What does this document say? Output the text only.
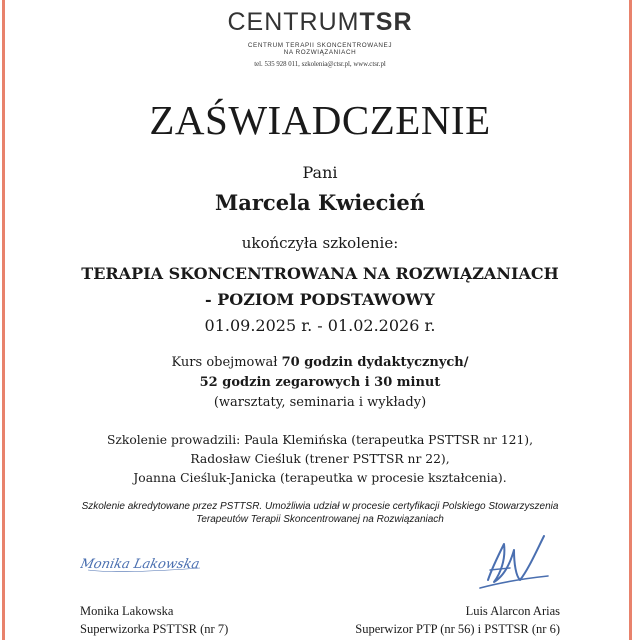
CENTRUMTSR
CENTRUM TERAPII SKONCENTROWANEJ
NA ROZWIĄZANIACH
tel. 535 928 011, szkolenia@ctsr.pl, www.ctsr.pl
ZAŚWIADCZENIE
Pani
Marcela Kwiecień
ukończyła szkolenie:
TERAPIA SKONCENTROWANA NA ROZWIĄZANIACH
- POZIOM PODSTAWOWY
01.09.2025 r. - 01.02.2026 r.
Kurs obejmował 70 godzin dydaktycznych/
52 godzin zegarowych i 30 minut
(warsztaty, seminaria i wykłady)
Szkolenie prowadzili: Paula Klemińska (terapeutka PSTTSR nr 121),
Radosław Cieśluk (trener PSTTSR nr 22),
Joanna Cieśluk-Janicka (terapeutka w procesie kształcenia).
Szkolenie akredytowane przez PSTTSR. Umożliwia udział w procesie certyfikacji Polskiego Stowarzyszenia
Terapeutów Terapii Skoncentrowanej na Rozwiązaniach
Monika Lakowska
Monika Lakowska
Superwizorka PSTTSR (nr 7)
Luis Alarcon Arias
Superwizor PTP (nr 56) i PSTTSR (nr 6)
